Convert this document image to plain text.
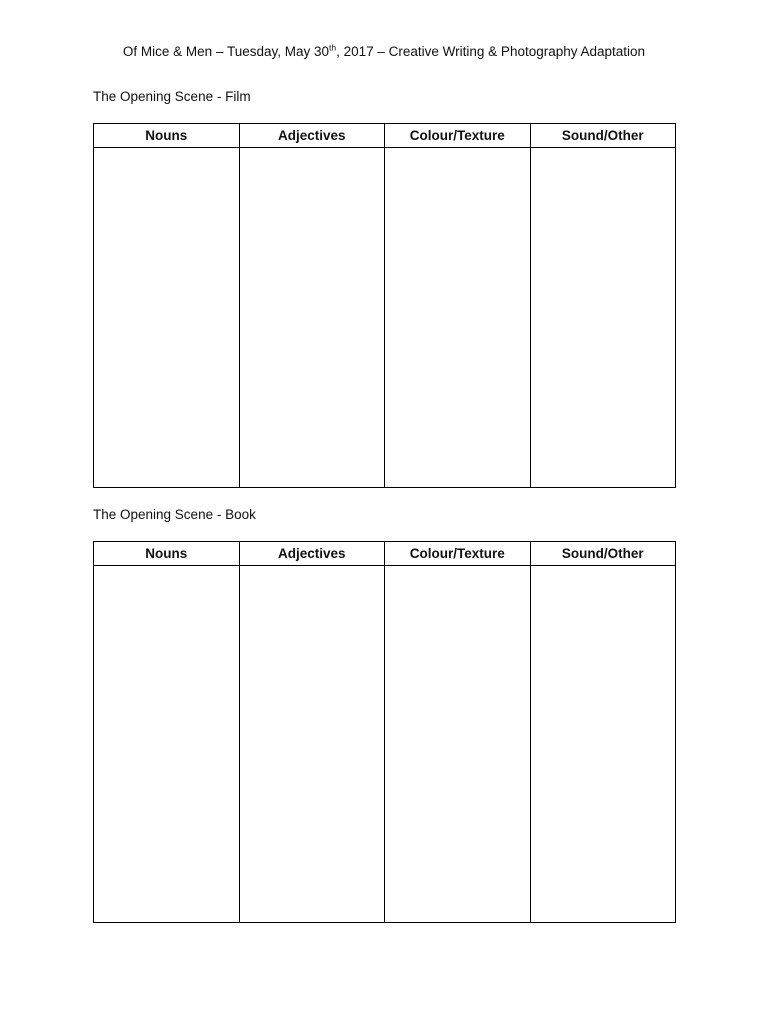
Of Mice & Men – Tuesday, May 30th, 2017 – Creative Writing & Photography Adaptation
The Opening Scene - Film
Nouns	Adjectives	Colour/Texture	Sound/Other

The Opening Scene - Book
Nouns	Adjectives	Colour/Texture	Sound/Other
